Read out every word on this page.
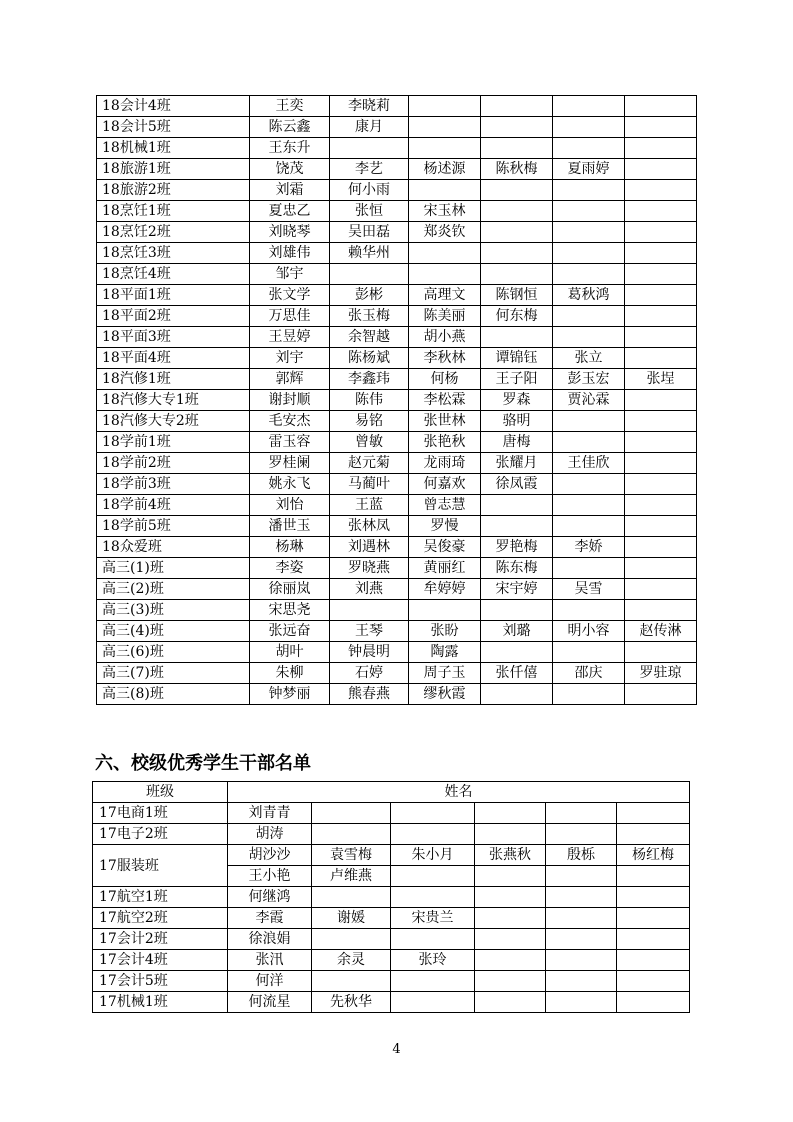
18会计4班	王奕	李晓莉				
18会计5班	陈云鑫	康月				
18机械1班	王东升					
18旅游1班	饶茂	李艺	杨述源	陈秋梅	夏雨婷	
18旅游2班	刘霜	何小雨				
18烹饪1班	夏忠乙	张恒	宋玉林			
18烹饪2班	刘晓琴	吴田磊	郑炎钦			
18烹饪3班	刘雄伟	赖华州				
18烹饪4班	邹宇					
18平面1班	张文学	彭彬	高理文	陈钢恒	葛秋鸿	
18平面2班	万思佳	张玉梅	陈美丽	何东梅		
18平面3班	王昱婷	余智越	胡小燕			
18平面4班	刘宇	陈杨斌	李秋林	谭锦钰	张立	
18汽修1班	郭辉	李鑫玮	何杨	王子阳	彭玉宏	张埕
18汽修大专1班	谢封顺	陈伟	李松霖	罗森	贾沁霖	
18汽修大专2班	毛安杰	易铭	张世林	骆明		
18学前1班	雷玉容	曾敏	张艳秋	唐梅		
18学前2班	罗桂阑	赵元菊	龙雨琦	张耀月	王佳欣	
18学前3班	姚永飞	马蔺叶	何嘉欢	徐凤霞		
18学前4班	刘怡	王蓝	曾志慧			
18学前5班	潘世玉	张林凤	罗慢			
18众爱班	杨琳	刘遇林	吴俊豪	罗艳梅	李娇	
高三(1)班	李姿	罗晓燕	黄丽红	陈东梅		
高三(2)班	徐丽岚	刘燕	牟婷婷	宋宇婷	吴雪	
高三(3)班	宋思尧					
高三(4)班	张远奋	王琴	张盼	刘璐	明小容	赵传淋
高三(6)班	胡叶	钟晨明	陶露			
高三(7)班	朱柳	石婷	周子玉	张仟僖	邵庆	罗驻琼
高三(8)班	钟梦丽	熊春燕	缪秋霞			
六、校级优秀学生干部名单
班级	姓名					
17电商1班	刘青青					
17电子2班	胡涛					
17服装班	胡沙沙	袁雪梅	朱小月	张燕秋	殷栎	杨红梅
	王小艳	卢维燕				
17航空1班	何继鸿					
17航空2班	李霞	谢媛	宋贵兰			
17会计2班	徐浪娟					
17会计4班	张汛	余灵	张玲			
17会计5班	何洋					
17机械1班	何流星	先秋华				
4
